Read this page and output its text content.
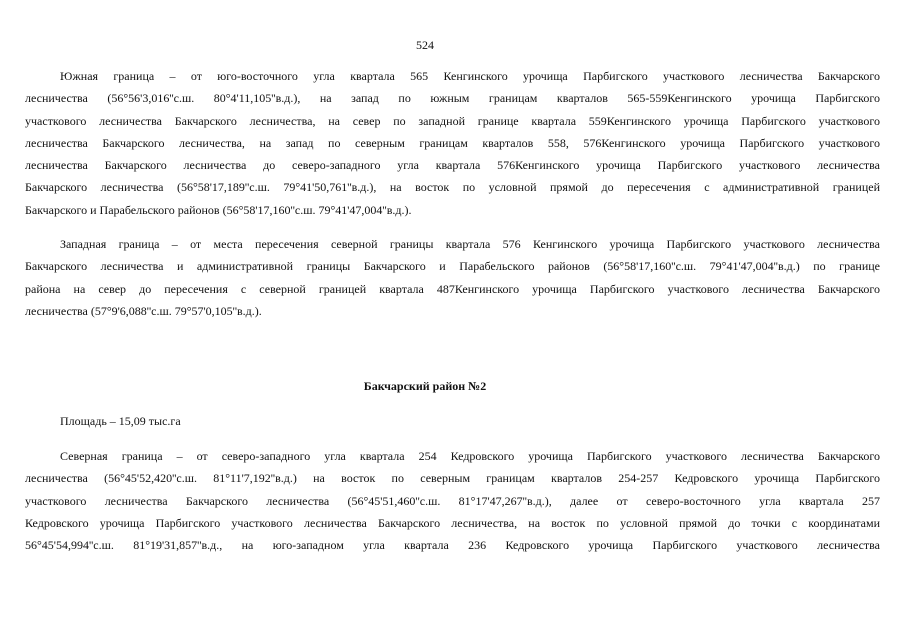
524
Южная граница – от юго-восточного угла квартала 565 Кенгинского урочища Парбигского участкового лесничества Бакчарского
лесничества (56°56'3,016''с.ш. 80°4'11,105''в.д.), на запад по южным границам кварталов 565-559Кенгинского урочища Парбигского
участкового лесничества Бакчарского лесничества, на север по западной границе квартала 559Кенгинского урочища Парбигского участкового
лесничества Бакчарского лесничества, на запад по северным границам кварталов 558, 576Кенгинского урочища Парбигского участкового
лесничества Бакчарского лесничества до северо-западного угла квартала 576Кенгинского урочища Парбигского участкового лесничества
Бакчарского лесничества (56°58'17,189''с.ш. 79°41'50,761''в.д.), на восток по условной прямой до пересечения с административной границей
Бакчарского и Парабельского районов (56°58'17,160''с.ш. 79°41'47,004''в.д.).
Западная граница – от места пересечения северной границы квартала 576 Кенгинского урочища Парбигского участкового лесничества
Бакчарского лесничества и административной границы Бакчарского и Парабельского районов (56°58'17,160''с.ш. 79°41'47,004''в.д.) по границе
района на север до пересечения с северной границей квартала 487Кенгинского урочища Парбигского участкового лесничества Бакчарского
лесничества (57°9'6,088''с.ш. 79°57'0,105''в.д.).
Бакчарский район №2
Площадь – 15,09 тыс.га
Северная граница – от северо-западного угла квартала 254 Кедровского урочища Парбигского участкового лесничества Бакчарского
лесничества (56°45'52,420''с.ш. 81°11'7,192''в.д.) на восток по северным границам кварталов 254-257 Кедровского урочища Парбигского
участкового лесничества Бакчарского лесничества (56°45'51,460''с.ш. 81°17'47,267''в.д.), далее от северо-восточного угла квартала 257
Кедровского урочища Парбигского участкового лесничества Бакчарского лесничества, на восток по условной прямой до точки с координатами
56°45'54,994''с.ш. 81°19'31,857''в.д., на юго-западном угла квартала 236 Кедровского урочища Парбигского участкового лесничества
